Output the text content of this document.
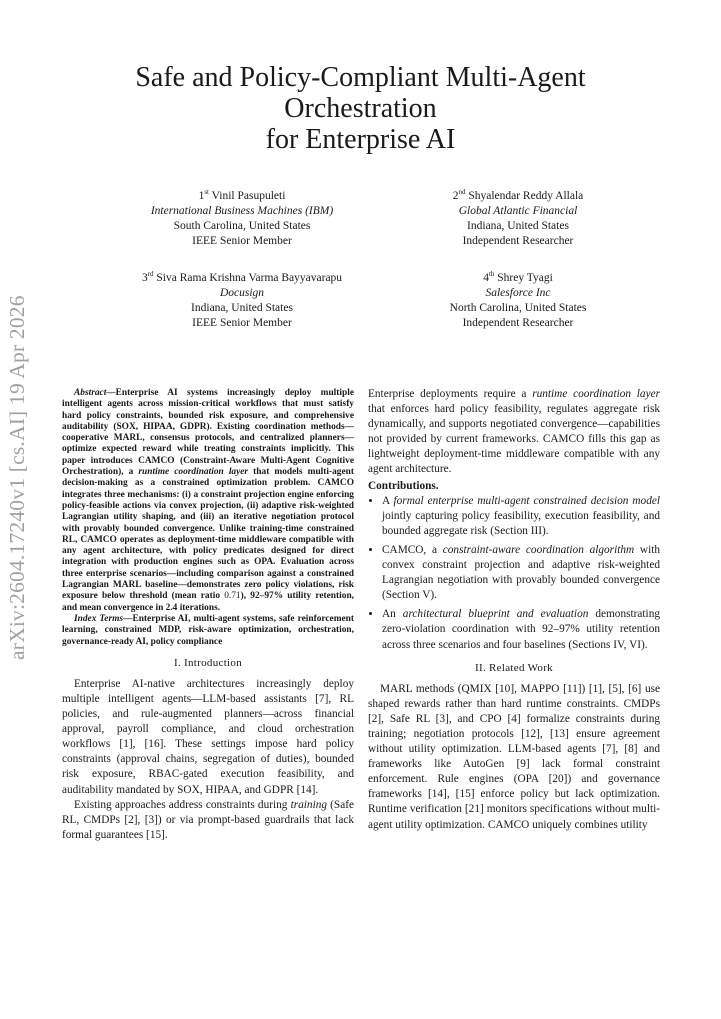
Safe and Policy-Compliant Multi-Agent
Orchestration
for Enterprise AI
1st Vinil Pasupuleti
International Business Machines (IBM)
South Carolina, United States
IEEE Senior Member
2nd Shyalendar Reddy Allala
Global Atlantic Financial
Indiana, United States
Independent Researcher
3rd Siva Rama Krishna Varma Bayyavarapu
Docusign
Indiana, United States
IEEE Senior Member
4th Shrey Tyagi
Salesforce Inc
North Carolina, United States
Independent Researcher
arXiv:2604.17240v1 [cs.AI] 19 Apr 2026	Abstract—Enterprise AI systems increasingly deploy multiple intelligent agents across mission-critical workflows that must satisfy hard policy constraints, bounded risk exposure, and comprehensive auditability (SOX, HIPAA, GDPR). Existing coordination methods—cooperative MARL, consensus protocols, and centralized planners—optimize expected reward while treating constraints implicitly. This paper introduces CAMCO (Constraint-Aware Multi-Agent Cognitive Orchestration), a runtime coordination layer that models multi-agent decision-making as a constrained optimization problem. CAMCO integrates three mechanisms: (i) a constraint projection engine enforcing policy-feasible actions via convex projection, (ii) adaptive risk-weighted Lagrangian utility shaping, and (iii) an iterative negotiation protocol with provably bounded convergence. Unlike training-time constrained RL, CAMCO operates as deployment-time middleware compatible with any agent architecture, with policy predicates designed for direct integration with production engines such as OPA. Evaluation across three enterprise scenarios—including comparison against a constrained Lagrangian MARL baseline—demonstrates zero policy violations, risk exposure below threshold (mean ratio 0.71), 92–97% utility retention, and mean convergence in 2.4 iterations.

Index Terms—Enterprise AI, multi-agent systems, safe reinforcement learning, constrained MDP, risk-aware optimization, orchestration, governance-ready AI, policy compliance

I. Introduction

Enterprise AI-native architectures increasingly deploy multiple intelligent agents—LLM-based assistants [7], RL policies, and rule-augmented planners—across financial approval, payroll compliance, and cloud orchestration workflows [1], [16]. These settings impose hard policy constraints (approval chains, segregation of duties), bounded risk exposure, RBAC-gated execution feasibility, and auditability mandated by SOX, HIPAA, and GDPR [14].

Existing approaches address constraints during training (Safe RL, CMDPs [2], [3]) or via prompt-based guardrails that lack formal guarantees [15].

Enterprise deployments require a runtime coordination layer that enforces hard policy feasibility, regulates aggregate risk dynamically, and supports negotiated convergence—capabilities not provided by current frameworks. CAMCO fills this gap as lightweight deployment-time middleware compatible with any agent architecture.

Contributions.
• A formal enterprise multi-agent constrained decision model jointly capturing policy feasibility, execution feasibility, and bounded aggregate risk (Section III).
• CAMCO, a constraint-aware coordination algorithm with convex constraint projection and adaptive risk-weighted Lagrangian negotiation with provably bounded convergence (Section V).
• An architectural blueprint and evaluation demonstrating zero-violation coordination with 92–97% utility retention across three scenarios and four baselines (Sections IV, VI).
II. Related Work

MARL methods (QMIX [10], MAPPO [11]) [1], [5], [6] use shaped rewards rather than hard runtime constraints. CMDPs [2], Safe RL [3], and CPO [4] formalize constraints during training; negotiation protocols [12], [13] ensure agreement without utility optimization. LLM-based agents [7], [8] and frameworks like AutoGen [9] lack formal constraint enforcement. Rule engines (OPA [20]) and governance frameworks [14], [15] enforce policy but lack optimization. Runtime verification [21] monitors specifications without multi-agent utility optimization. CAMCO uniquely combines utility
